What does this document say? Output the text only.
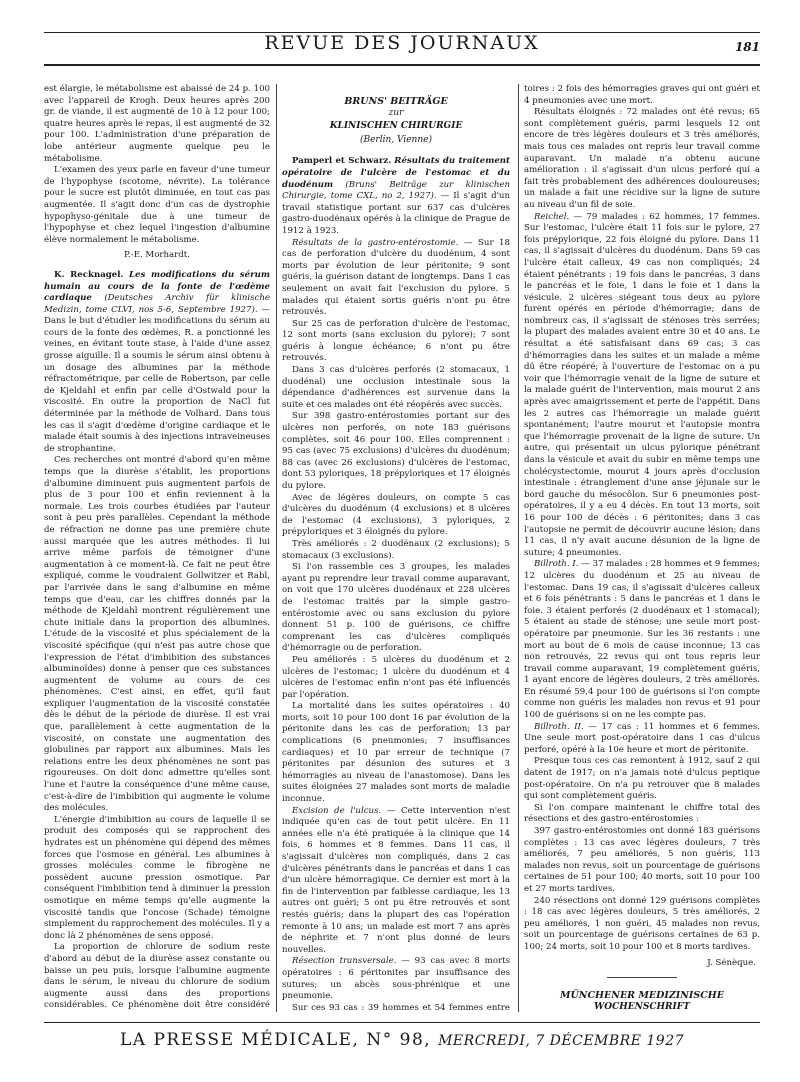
REVUE DES JOURNAUX	181

est élargie, le métabolisme est abaissé de 24 p. 100 avec l'appareil de Krogh. Deux heures après 200 gr. de viande, il est augmenté de 10 à 12 pour 100; quatre heures après le repas, il est augmenté de 32 pour 100. L'administration d'une préparation de lobe antérieur augmente quelque peu le métabolisme.

L'examen des yeux parle en faveur d'une tumeur de l'hypophyse (scotome, névrite). La tolérance pour le sucre est plutôt diminuée, en tout cas pas augmentée. Il s'agit donc d'un cas de dystrophie hypophyso-génitale due à une tumeur de l'hypophyse et chez lequel l'ingestion d'albumine élève normalement le métabolisme.

P.-E. Morhardt.

K. Recknagel. Les modifications du sérum humain au cours de la fonte de l'œdème cardiaque (Deutsches Archiv für klinische Medizin, tome CLVI, nos 5-6, Septembre 1927). — Dans le but d'étudier les modifications du sérum au cours de la fonte des œdèmes, R. a ponctionné les veines, en évitant toute stase, à l'aide d'une assez grosse aiguille. Il a soumis le sérum ainsi obtenu à un dosage des albumines par la méthode réfractométrique, par celle de Robertson, par celle de Kjeldahl et enfin par celle d'Ostwald pour la viscosité. En outre la proportion de NaCl fut déterminée par la méthode de Volhard. Dans tous les cas il s'agit d'œdème d'origine cardiaque et le malade était soumis à des injections intraveineuses de strophantine.

Ces recherches ont montré d'abord qu'en même temps que la diurèse s'établit, les proportions d'albumine diminuent puis augmentent parfois de plus de 3 pour 100 et enfin reviennent à la normale. Les trois courbes étudiées par l'auteur sont à peu près parallèles. Cependant la méthode de réfraction ne donne pas une première chute aussi marquée que les autres méthodes. Il lui arrive même parfois de témoigner d'une augmentation à ce moment-là. Ce fait ne peut être expliqué, comme le voudraient Gollwitzer et Rabl, par l'arrivée dans le sang d'albumine en même temps que d'eau, car les chiffres donnés par la méthode de Kjeldahl montrent régulièrement une chute initiale dans la proportion des albumines. L'étude de la viscosité et plus spécialement de la viscosité spécifique (qui n'est pas autre chose que l'expression de l'état d'imbibition des substances albuminoïdes) donne à penser que ces substances augmentent de volume au cours de ces phénomènes. C'est ainsi, en effet, qu'il faut expliquer l'augmentation de la viscosité constatée dès le début de la période de diurèse. Il est vrai que, parallèlement à cette augmentation de la viscosité, on constate une augmentation des globulines par rapport aux albumines. Mais les relations entre les deux phénomènes ne sont pas rigoureuses. On doit donc admettre qu'elles sont l'une et l'autre la conséquence d'une même cause, c'est-à-dire de l'imbibition qui augmente le volume des molécules.

L'énergie d'imbibition au cours de laquelle il se produit des composés qui se rapprochent des hydrates est un phénomène qui dépend des mêmes forces que l'osmose en général. Les albumines à grosses molécules comme le fibrogène ne possèdent aucune pression osmotique. Par conséquent l'imbibition tend à diminuer la pression osmotique en même temps qu'elle augmente la viscosité tandis que l'oncose (Schade) témoigne simplement du rapprochement des molécules. Il y a donc là 2 phénomènes de sens opposé.

La proportion de chlorure de sodium reste d'abord au début de la diurèse assez constante ou baisse un peu puis, lorsque l'albumine augmente dans le sérum, le niveau du chlorure de sodium augmente aussi dans des proportions considérables. Ce phénomène doit être considéré

BRUNS' BEITRÄGE

zur

KLINISCHEN CHIRURGIE

(Berlin, Vienne)

Pamperl et Schwarz. Résultats du traitement opératoire de l'ulcère de l'estomac et du duodénum (Bruns' Beiträge zur klinischen Chirurgie, tome CXL, no 2, 1927). — Il s'agit d'un travail statistique portant sur 637 cas d'ulcères gastro-duodénaux opérés à la clinique de Prague de 1912 à 1923.

Résultats de la gastro-entérostomie. — Sur 18 cas de perforation d'ulcère du duodénum, 4 sont morts par évolution de leur péritonite; 9 sont guéris, la guérison datant de longtemps. Dans 1 cas seulement on avait fait l'exclusion du pylore. 5 malades qui étaient sortis guéris n'ont pu être retrouvés.

Sur 25 cas de perforation d'ulcère de l'estomac, 12 sont morts (sans exclusion du pylore); 7 sont guéris à longue échéance; 6 n'ont pu être retrouvés.

Dans 3 cas d'ulcères perforés (2 stomacaux, 1 duodénal) une occlusion intestinale sous la dépendance d'adhérences est survenue dans la suite et ces malades ont été réopérés avec succès.

Sur 398 gastro-entérostomies portant sur des ulcères non perforés, on note 183 guérisons complètes, soit 46 pour 100. Elles comprennent : 95 cas (avec 75 exclusions) d'ulcères du duodénum; 88 cas (avec 26 exclusions) d'ulcères de l'estomac, dont 53 pyloriques, 18 prépyloriques et 17 éloignés du pylore.

Avec de légères douleurs, on compte 5 cas d'ulcères du duodénum (4 exclusions) et 8 ulcères de l'estomac (4 exclusions), 3 pyloriques, 2 prépyloriques et 3 éloignés du pylore.

Très améliorés : 2 duodénaux (2 exclusions); 5 stomacaux (3 exclusions).

Si l'on rassemble ces 3 groupes, les malades ayant pu reprendre leur travail comme auparavant, on voit que 170 ulcères duodénaux et 228 ulcères de l'estomac traités par la simple gastro-entérostomie avec ou sans exclusion du pylore donnent 51 p. 100 de guérisons, ce chiffre comprenant les cas d'ulcères compliqués d'hémorragie ou de perforation.

Peu améliorés : 5 ulcères du duodénum et 2 ulcères de l'estomac; 1 ulcère du duodénum et 4 ulcères de l'estomac enfin n'ont pas été influencés par l'opération.

La mortalité dans les suites opératoires : 40 morts, soit 10 pour 100 dont 16 par évolution de la péritonite dans les cas de perforation; 13 par complications (6 pneumonies; 7 insuffisances cardiaques) et 10 par erreur de technique (7 péritonites par désunion des sutures et 3 hémorragies au niveau de l'anastomose). Dans les suites éloignées 27 malades sont morts de maladie inconnue.

Excision de l'ulcus. — Cette intervention n'est indiquée qu'en cas de tout petit ulcère. En 11 années elle n'a été pratiquée à la clinique que 14 fois, 6 hommes et 8 femmes. Dans 11 cas, il s'agissait d'ulcères non compliqués, dans 2 cas d'ulcères pénétrants dans le pancréas et dans 1 cas d'un ulcère hémorragique. Ce dernier est mort à la fin de l'intervention par faiblesse cardiaque, les 13 autres ont guéri; 5 ont pu être retrouvés et sont restés guéris; dans la plupart des cas l'opération remonte à 10 ans; un malade est mort 7 ans après de néphrite et 7 n'ont plus donné de leurs nouvelles.

Résection transversale. — 93 cas avec 8 morts opératoires : 6 péritonites par insuffisance des sutures; un abcès sous-phrénique et une pneumonie.

Sur ces 93 cas : 39 hommes et 54 femmes entre

toires : 2 fois des hémorragies graves qui ont guéri et 4 pneumonies avec une mort.

Résultats éloignés : 72 malades ont été revus; 65 sont complètement guéris, parmi lesquels 12 ont encore de très légères douleurs et 3 très améliorés, mais tous ces malades ont repris leur travail comme auparavant. Un malade n'a obtenu aucune amélioration : il s'agissait d'un ulcus perforé qui a fait très probablement des adhérences douloureuses; un malade a fait une récidive sur la ligne de suture au niveau d'un fil de soie.

Reichel. — 79 malades : 62 hommes, 17 femmes. Sur l'estomac, l'ulcère était 11 fois sur le pylore, 27 fois prépylorique, 22 fois éloigné du pylore. Dans 11 cas, il s'agissait d'ulcères du duodénum. Dans 59 cas l'ulcère était calleux, 49 cas non compliqués; 24 étaient pénétrants : 19 fois dans le pancréas, 3 dans le pancréas et le foie, 1 dans le foie et 1 dans la vésicule. 2 ulcères siégeant tous deux au pylore furent opérés en période d'hémorragie; dans de nombreux cas, il s'agissait de sténoses très serrées; la plupart des malades avaient entre 30 et 40 ans. Le résultat a été satisfaisant dans 69 cas; 3 cas d'hémorragies dans les suites et un malade a même dû être réopéré; à l'ouverture de l'estomac on a pu voir que l'hémorragie venait de la ligne de suture et la malade guérit de l'intervention, mais mourut 2 ans après avec amaigrissement et perte de l'appétit. Dans les 2 autres cas l'hémorragie un malade guérit spontanément; l'autre mourut et l'autopsie montra que l'hémorragie provenait de la ligne de suture. Un autre, qui présentait un ulcus pylorique pénétrant dans la vésicule et avait du subir en même temps une cholécystectomie, mourut 4 jours après d'occlusion intestinale : étranglement d'une anse jéjunale sur le bord gauche du mésocôlon. Sur 6 pneumonies post-opératoires, il y a eu 4 décès. En tout 13 morts, soit 16 pour 100 de décès : 6 péritonites; dans 3 cas l'autopsie ne permit de découvrir aucune lésion; dans 11 cas, il n'y avait aucune désunion de la ligne de suture; 4 pneumonies.

Billroth. I. — 37 malades : 28 hommes et 9 femmes; 12 ulcères du duodénum et 25 au niveau de l'estomac. Dans 19 cas, il s'agissait d'ulcères calleux et 6 fois pénétrants : 5 dans le pancréas et 1 dans le foie. 3 étaient perforés (2 duodénaux et 1 stomacal); 5 étaient au stade de sténose; une seule mort post-opératoire par pneumonie. Sur les 36 restants : une mort au bout de 6 mois de cause inconnue; 13 cas non retrouvés, 22 revus qui ont tous repris leur travail comme auparavant, 19 complètement guéris, 1 ayant encore de légères douleurs, 2 très améliorés. En résumé 59,4 pour 100 de guérisons si l'on compte comme non guéris les malades non revus et 91 pour 100 de guérisons si on ne les compte pas.

Billroth. II. — 17 cas : 11 hommes et 6 femmes. Une seule mort post-opératoire dans 1 cas d'ulcus perforé, opéré à la 10e heure et mort de péritonite.

Presque tous ces cas remontent à 1912, sauf 2 qui datent de 1917; on n'a jamais noté d'ulcus peptique post-opératoire. On n'a pu retrouver que 8 malades qui sont complètement guéris.

Si l'on compare maintenant le chiffre total des résections et des gastro-entérostomies :

397 gastro-entérostomies ont donné 183 guérisons complètes : 13 cas avec légères douleurs, 7 très améliorés, 7 peu améliorés, 5 non guéris, 113 malades non revus, soit un pourcentage de guérisons certaines de 51 pour 100; 40 morts, soit 10 pour 100 et 27 morts tardives.

240 résections ont donné 129 guérisons complètes : 18 cas avec légères douleurs, 5 très améliorés, 2 peu améliorés, 1 non guéri, 45 malades non revus, soit un pourcentage de guérisons certaines de 63 p. 100; 24 morts, soit 10 pour 100 et 8 morts tardives.

J. Sénèque.

MÜNCHENER MEDIZINISCHE

WOCHENSCHRIFT

LA PRESSE MÉDICALE, N° 98, MERCREDI, 7 DÉCEMBRE 1927
